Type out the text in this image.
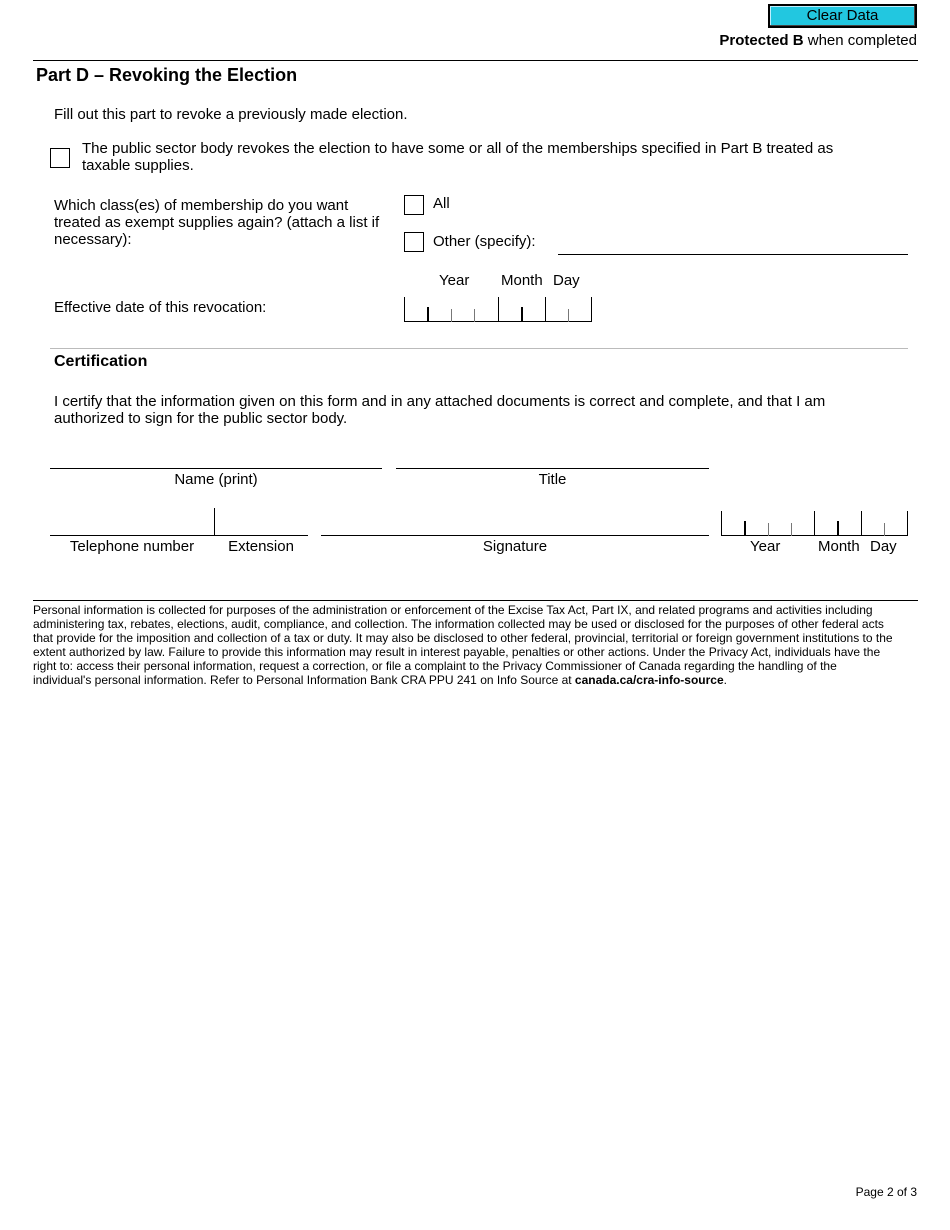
Clear Data
Protected B when completed
Part D – Revoking the Election
Fill out this part to revoke a previously made election.
The public sector body revokes the election to have some or all of the memberships specified in Part B treated as taxable supplies.
Which class(es) of membership do you want treated as exempt supplies again? (attach a list if necessary):
All
Other (specify):
Year Month Day
Effective date of this revocation:
Certification
I certify that the information given on this form and in any attached documents is correct and complete, and that I am authorized to sign for the public sector body.
Name (print)	Title
Telephone number	Extension	Signature	Year	Month Day
Personal information is collected for purposes of the administration or enforcement of the Excise Tax Act, Part IX, and related programs and activities including administering tax, rebates, elections, audit, compliance, and collection. The information collected may be used or disclosed for the purposes of other federal acts that provide for the imposition and collection of a tax or duty. It may also be disclosed to other federal, provincial, territorial or foreign government institutions to the extent authorized by law. Failure to provide this information may result in interest payable, penalties or other actions. Under the Privacy Act, individuals have the right to: access their personal information, request a correction, or file a complaint to the Privacy Commissioner of Canada regarding the handling of the individual's personal information. Refer to Personal Information Bank CRA PPU 241 on Info Source at canada.ca/cra-info-source.
Page 2 of 3
